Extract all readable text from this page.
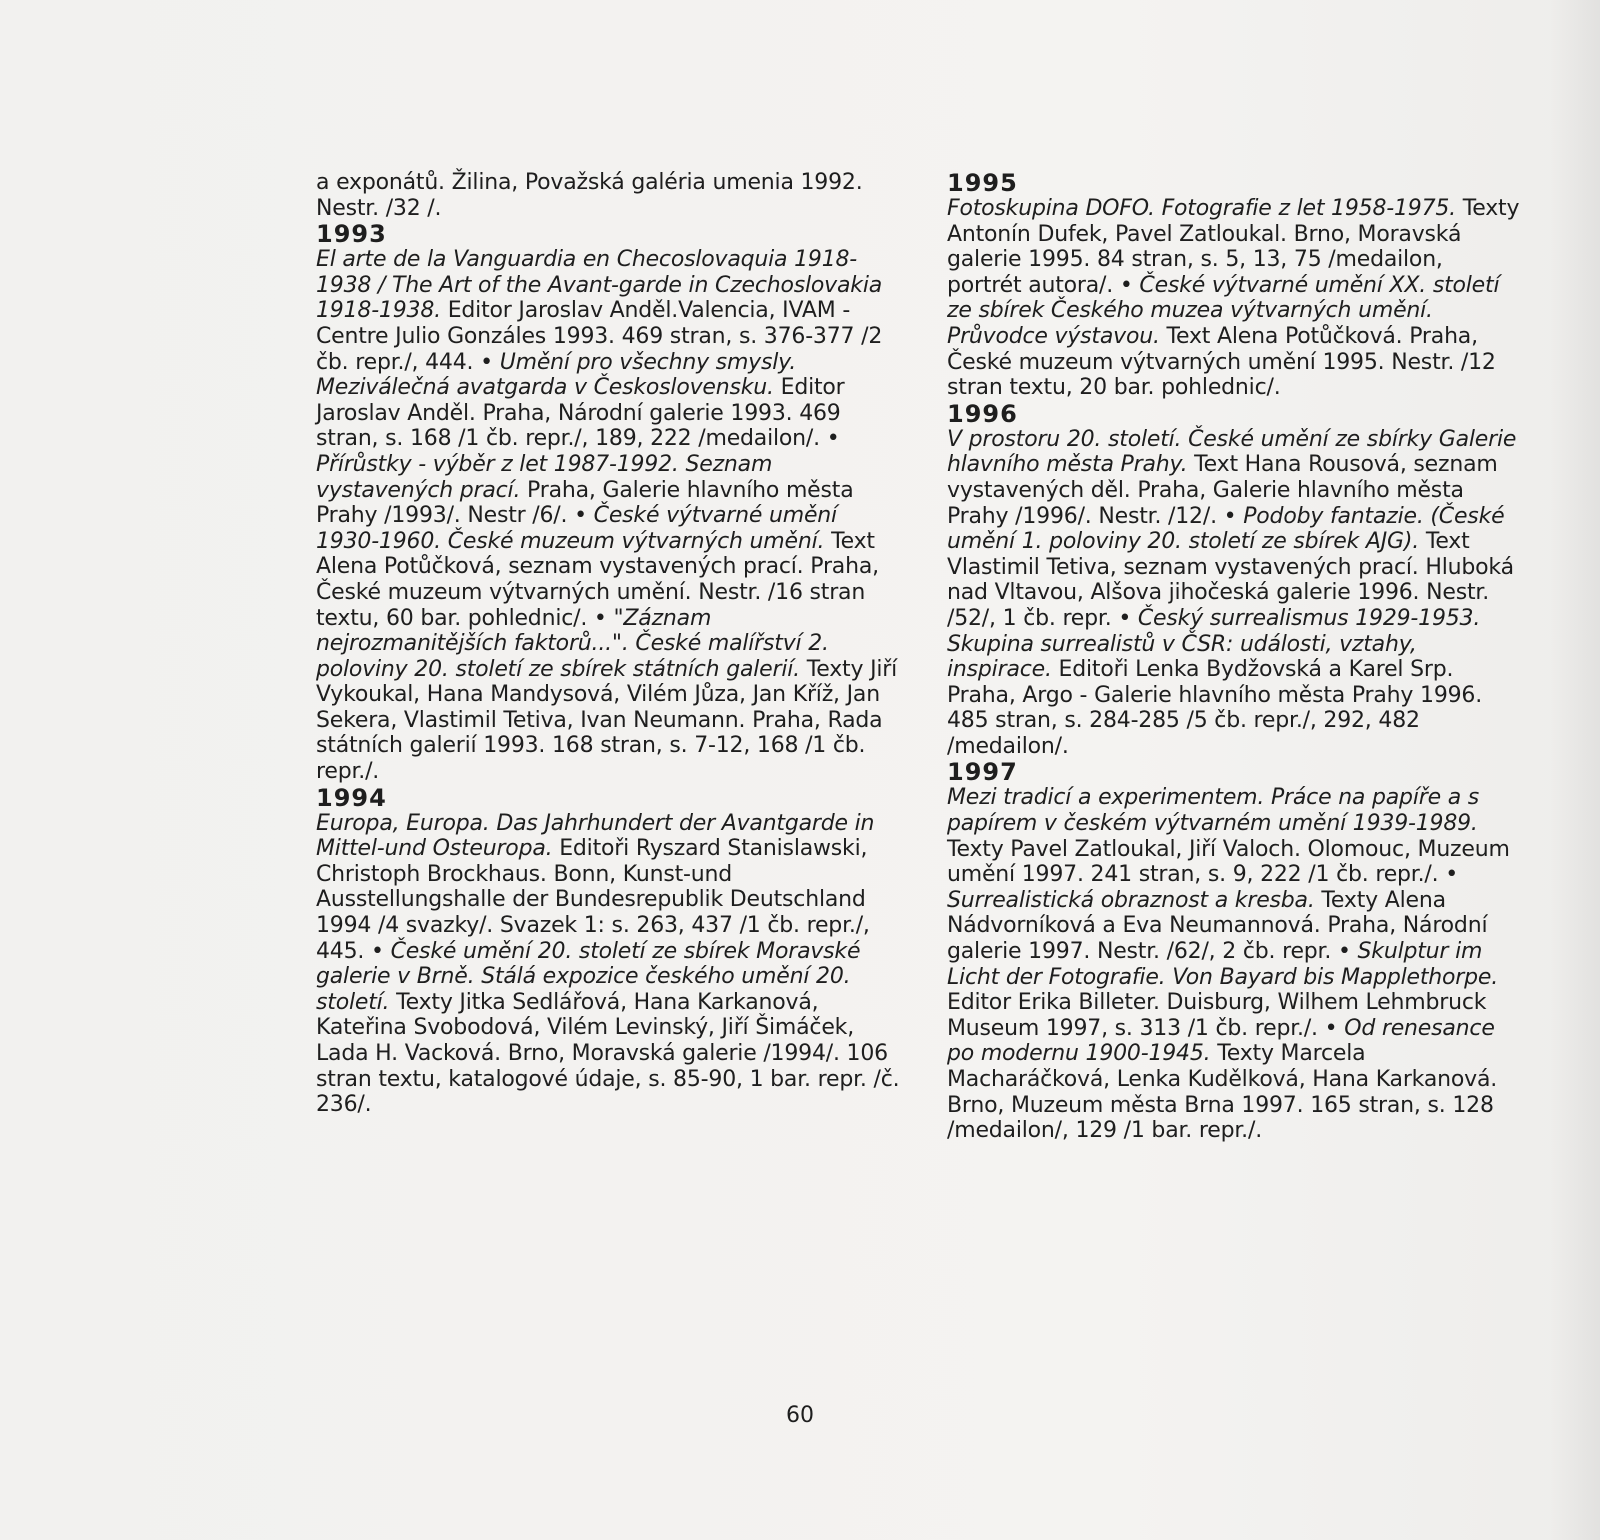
a exponátů. Žilina, Považská galéria umenia 1992. Nestr. /32 /.

1993

El arte de la Vanguardia en Checoslovaquia 1918-1938 / The Art of the Avant-garde in Czechoslovakia 1918-1938. Editor Jaroslav Anděl.Valencia, IVAM - Centre Julio Gonzáles 1993. 469 stran, s. 376-377 /2 čb. repr./, 444. • Umění pro všechny smysly. Meziválečná avatgarda v Československu. Editor Jaroslav Anděl. Praha, Národní galerie 1993. 469 stran, s. 168 /1 čb. repr./, 189, 222 /medailon/. • Přírůstky - výběr z let 1987-1992. Seznam vystavených prací. Praha, Galerie hlavního města Prahy /1993/. Nestr /6/. • České výtvarné umění 1930-1960. České muzeum výtvarných umění. Text Alena Potůčková, seznam vystavených prací. Praha, České muzeum výtvarných umění. Nestr. /16 stran textu, 60 bar. pohlednic/. • "Záznam nejrozmanitějších faktorů...". České malířství 2. poloviny 20. století ze sbírek státních galerií. Texty Jiří Vykoukal, Hana Mandysová, Vilém Jůza, Jan Kříž, Jan Sekera, Vlastimil Tetiva, Ivan Neumann. Praha, Rada státních galerií 1993. 168 stran, s. 7-12, 168 /1 čb. repr./.

1994

Europa, Europa. Das Jahrhundert der Avantgarde in Mittel-und Osteuropa. Editoři Ryszard Stanislawski, Christoph Brockhaus. Bonn, Kunst-und Ausstellungshalle der Bundesrepublik Deutschland 1994 /4 svazky/. Svazek 1: s. 263, 437 /1 čb. repr./, 445. • České umění 20. století ze sbírek Moravské galerie v Brně. Stálá expozice českého umění 20. století. Texty Jitka Sedlářová, Hana Karkanová, Kateřina Svobodová, Vilém Levinský, Jiří Šimáček, Lada H. Vacková. Brno, Moravská galerie /1994/. 106 stran textu, katalogové údaje, s. 85-90, 1 bar. repr. /č. 236/.

1995

Fotoskupina DOFO. Fotografie z let 1958-1975. Texty Antonín Dufek, Pavel Zatloukal. Brno, Moravská galerie 1995. 84 stran, s. 5, 13, 75 /medailon, portrét autora/. • České výtvarné umění XX. století ze sbírek Českého muzea výtvarných umění. Průvodce výstavou. Text Alena Potůčková. Praha, České muzeum výtvarných umění 1995. Nestr. /12 stran textu, 20 bar. pohlednic/.

1996

V prostoru 20. století. České umění ze sbírky Galerie hlavního města Prahy. Text Hana Rousová, seznam vystavených děl. Praha, Galerie hlavního města Prahy /1996/. Nestr. /12/. • Podoby fantazie. (České umění 1. poloviny 20. století ze sbírek AJG). Text Vlastimil Tetiva, seznam vystavených prací. Hluboká nad Vltavou, Alšova jihočeská galerie 1996. Nestr. /52/, 1 čb. repr. • Český surrealismus 1929-1953. Skupina surrealistů v ČSR: události, vztahy, inspirace. Editoři Lenka Bydžovská a Karel Srp. Praha, Argo - Galerie hlavního města Prahy 1996. 485 stran, s. 284-285 /5 čb. repr./, 292, 482 /medailon/.

1997

Mezi tradicí a experimentem. Práce na papíře a s papírem v českém výtvarném umění 1939-1989. Texty Pavel Zatloukal, Jiří Valoch. Olomouc, Muzeum umění 1997. 241 stran, s. 9, 222 /1 čb. repr./. • Surrealistická obraznost a kresba. Texty Alena Nádvorníková a Eva Neumannová. Praha, Národní galerie 1997. Nestr. /62/, 2 čb. repr. • Skulptur im Licht der Fotografie. Von Bayard bis Mapplethorpe. Editor Erika Billeter. Duisburg, Wilhem Lehmbruck Museum 1997, s. 313 /1 čb. repr./. • Od renesance po modernu 1900-1945. Texty Marcela Macharáčková, Lenka Kudělková, Hana Karkanová. Brno, Muzeum města Brna 1997. 165 stran, s. 128 /medailon/, 129 /1 bar. repr./.

60
